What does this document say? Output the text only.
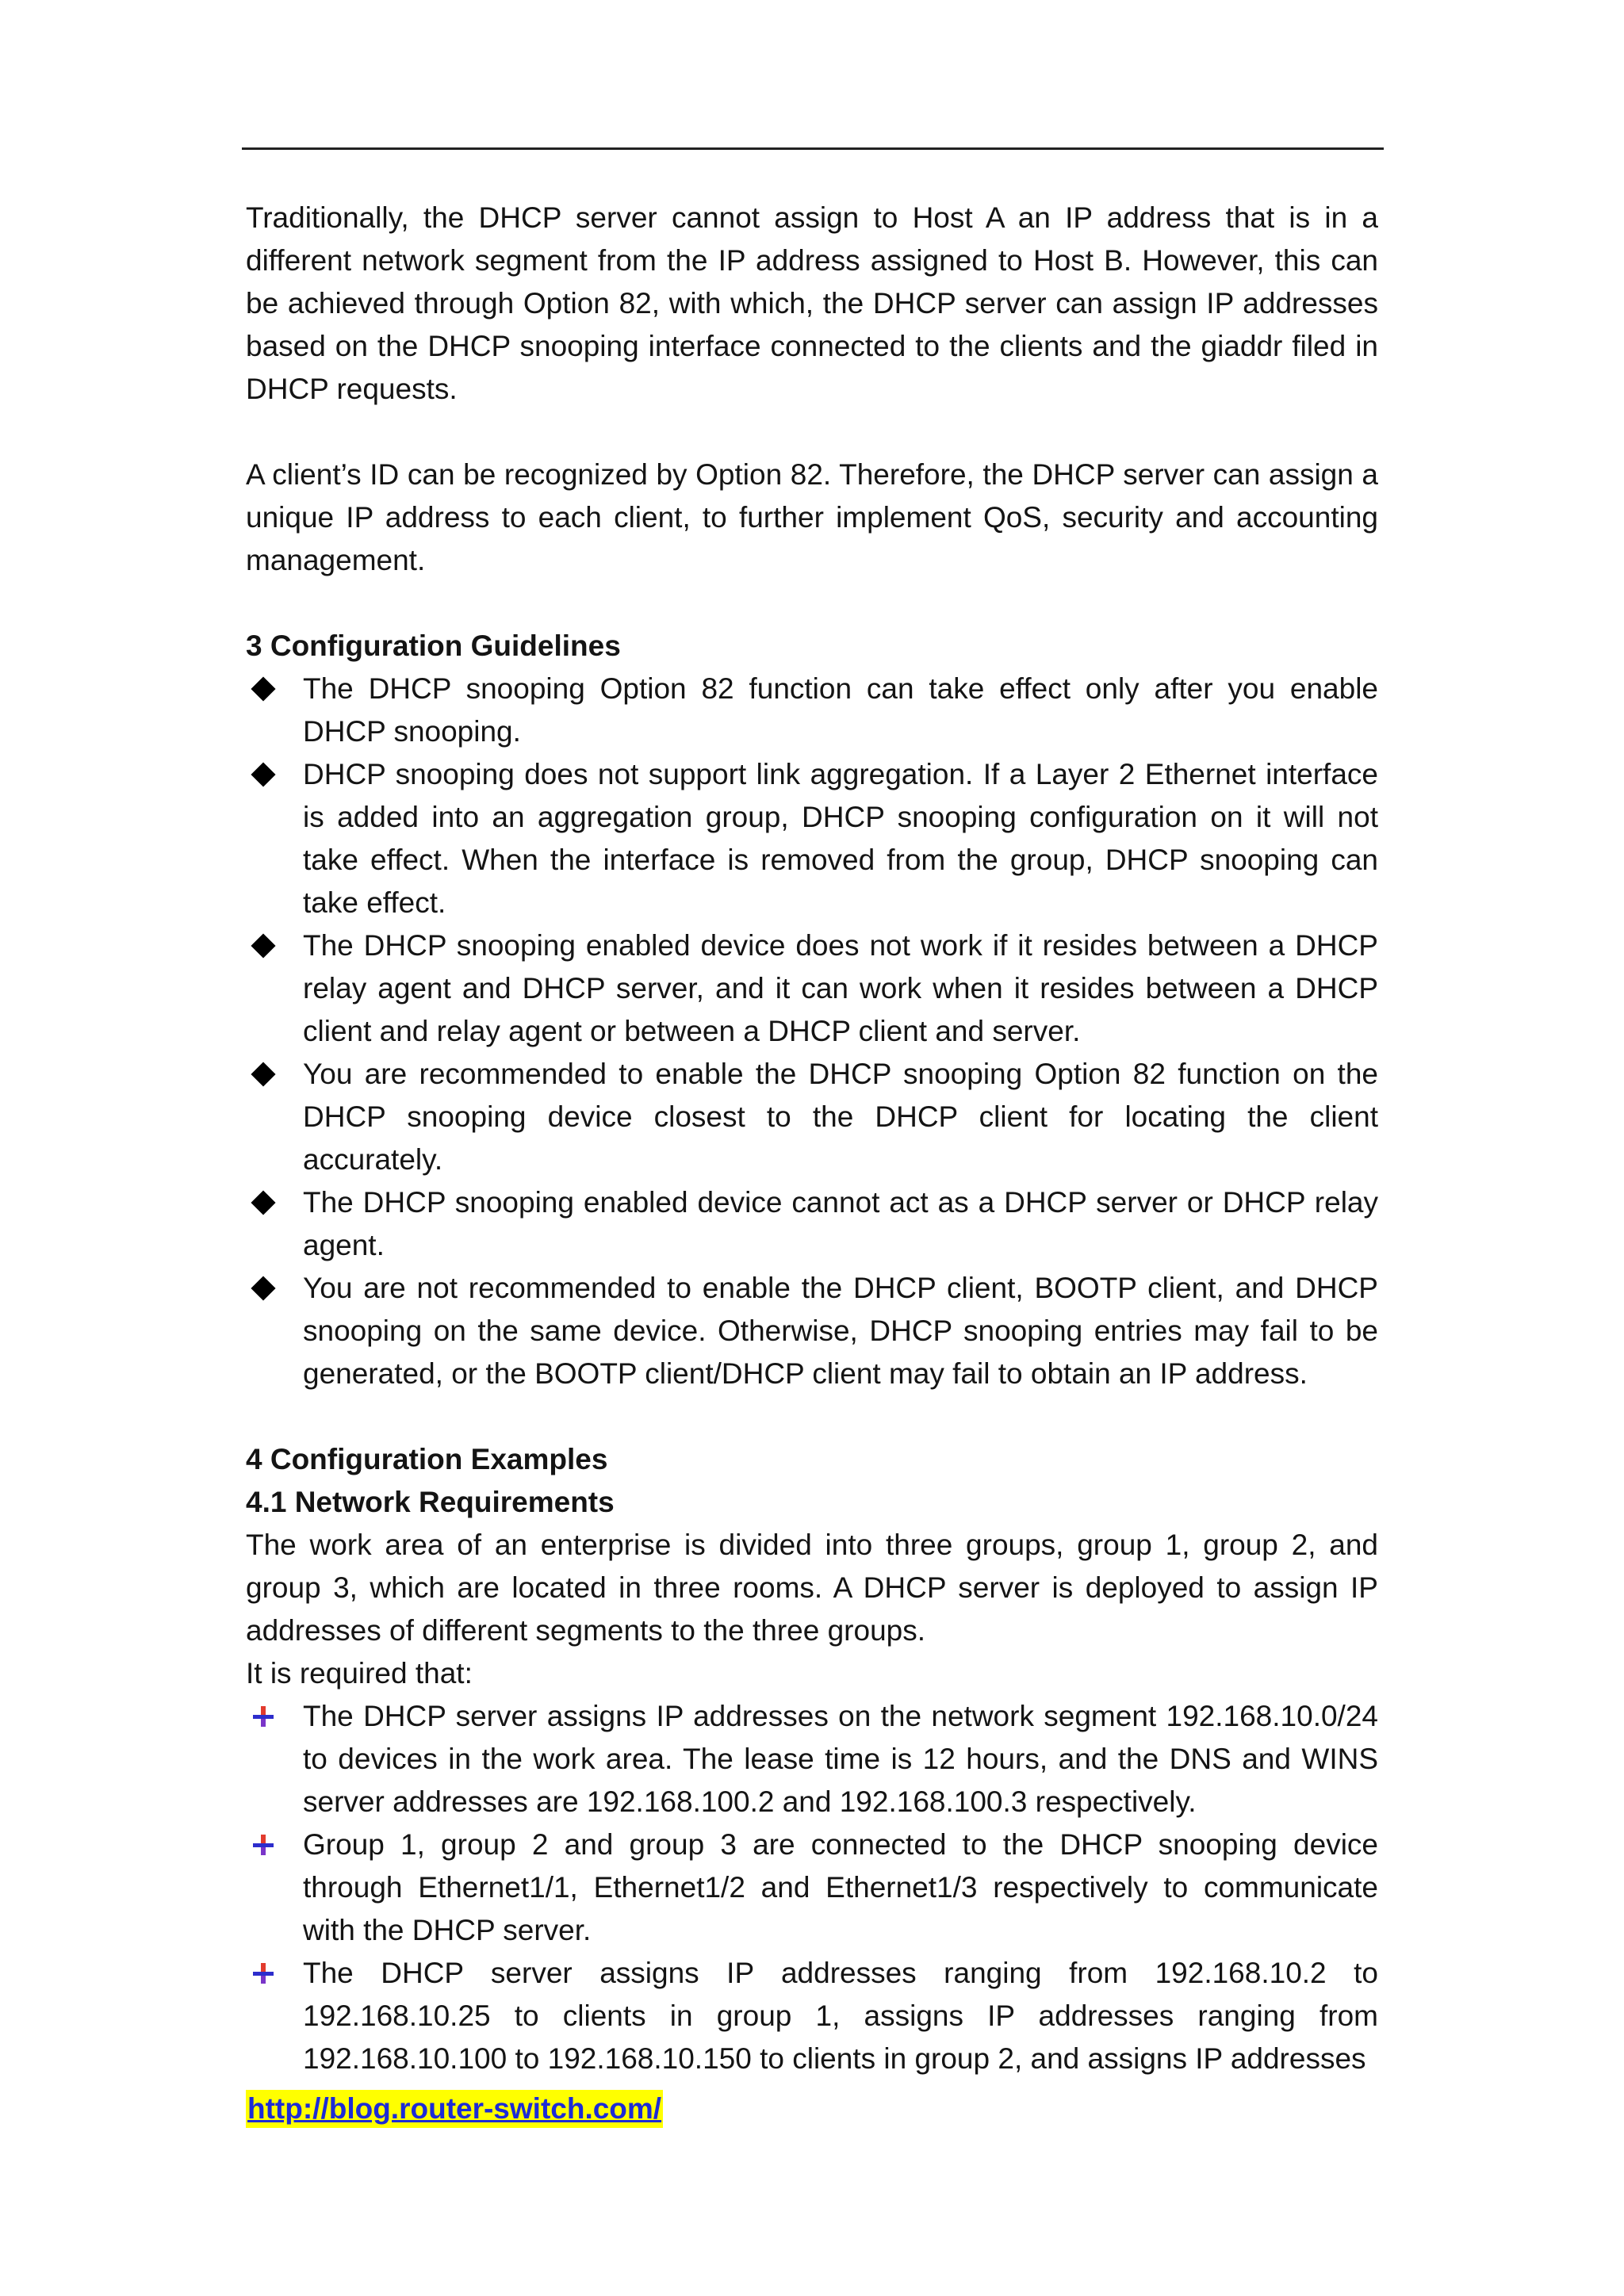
Traditionally, the DHCP server cannot assign to Host A an IP address that is in a different network segment from the IP address assigned to Host B. However, this can be achieved through Option 82, with which, the DHCP server can assign IP addresses based on the DHCP snooping interface connected to the clients and the giaddr filed in DHCP requests.

A client’s ID can be recognized by Option 82. Therefore, the DHCP server can assign a unique IP address to each client, to further implement QoS, security and accounting management.

3 Configuration Guidelines

The DHCP snooping Option 82 function can take effect only after you enable DHCP snooping.
DHCP snooping does not support link aggregation. If a Layer 2 Ethernet interface is added into an aggregation group, DHCP snooping configuration on it will not take effect. When the interface is removed from the group, DHCP snooping can take effect.
The DHCP snooping enabled device does not work if it resides between a DHCP relay agent and DHCP server, and it can work when it resides between a DHCP client and relay agent or between a DHCP client and server.
You are recommended to enable the DHCP snooping Option 82 function on the DHCP snooping device closest to the DHCP client for locating the client accurately.
The DHCP snooping enabled device cannot act as a DHCP server or DHCP relay agent.
You are not recommended to enable the DHCP client, BOOTP client, and DHCP snooping on the same device. Otherwise, DHCP snooping entries may fail to be generated, or the BOOTP client/DHCP client may fail to obtain an IP address.

4 Configuration Examples

4.1 Network Requirements

The work area of an enterprise is divided into three groups, group 1, group 2, and group 3, which are located in three rooms. A DHCP server is deployed to assign IP addresses of different segments to the three groups.

It is required that:

The DHCP server assigns IP addresses on the network segment 192.168.10.0/24 to devices in the work area. The lease time is 12 hours, and the DNS and WINS server addresses are 192.168.100.2 and 192.168.100.3 respectively.
Group 1, group 2 and group 3 are connected to the DHCP snooping device through Ethernet1/1, Ethernet1/2 and Ethernet1/3 respectively to communicate with the DHCP server.
The DHCP server assigns IP addresses ranging from 192.168.10.2 to 192.168.10.25 to clients in group 1, assigns IP addresses ranging from 192.168.10.100 to 192.168.10.150 to clients in group 2, and assigns IP addresses
http://blog.router-switch.com/
